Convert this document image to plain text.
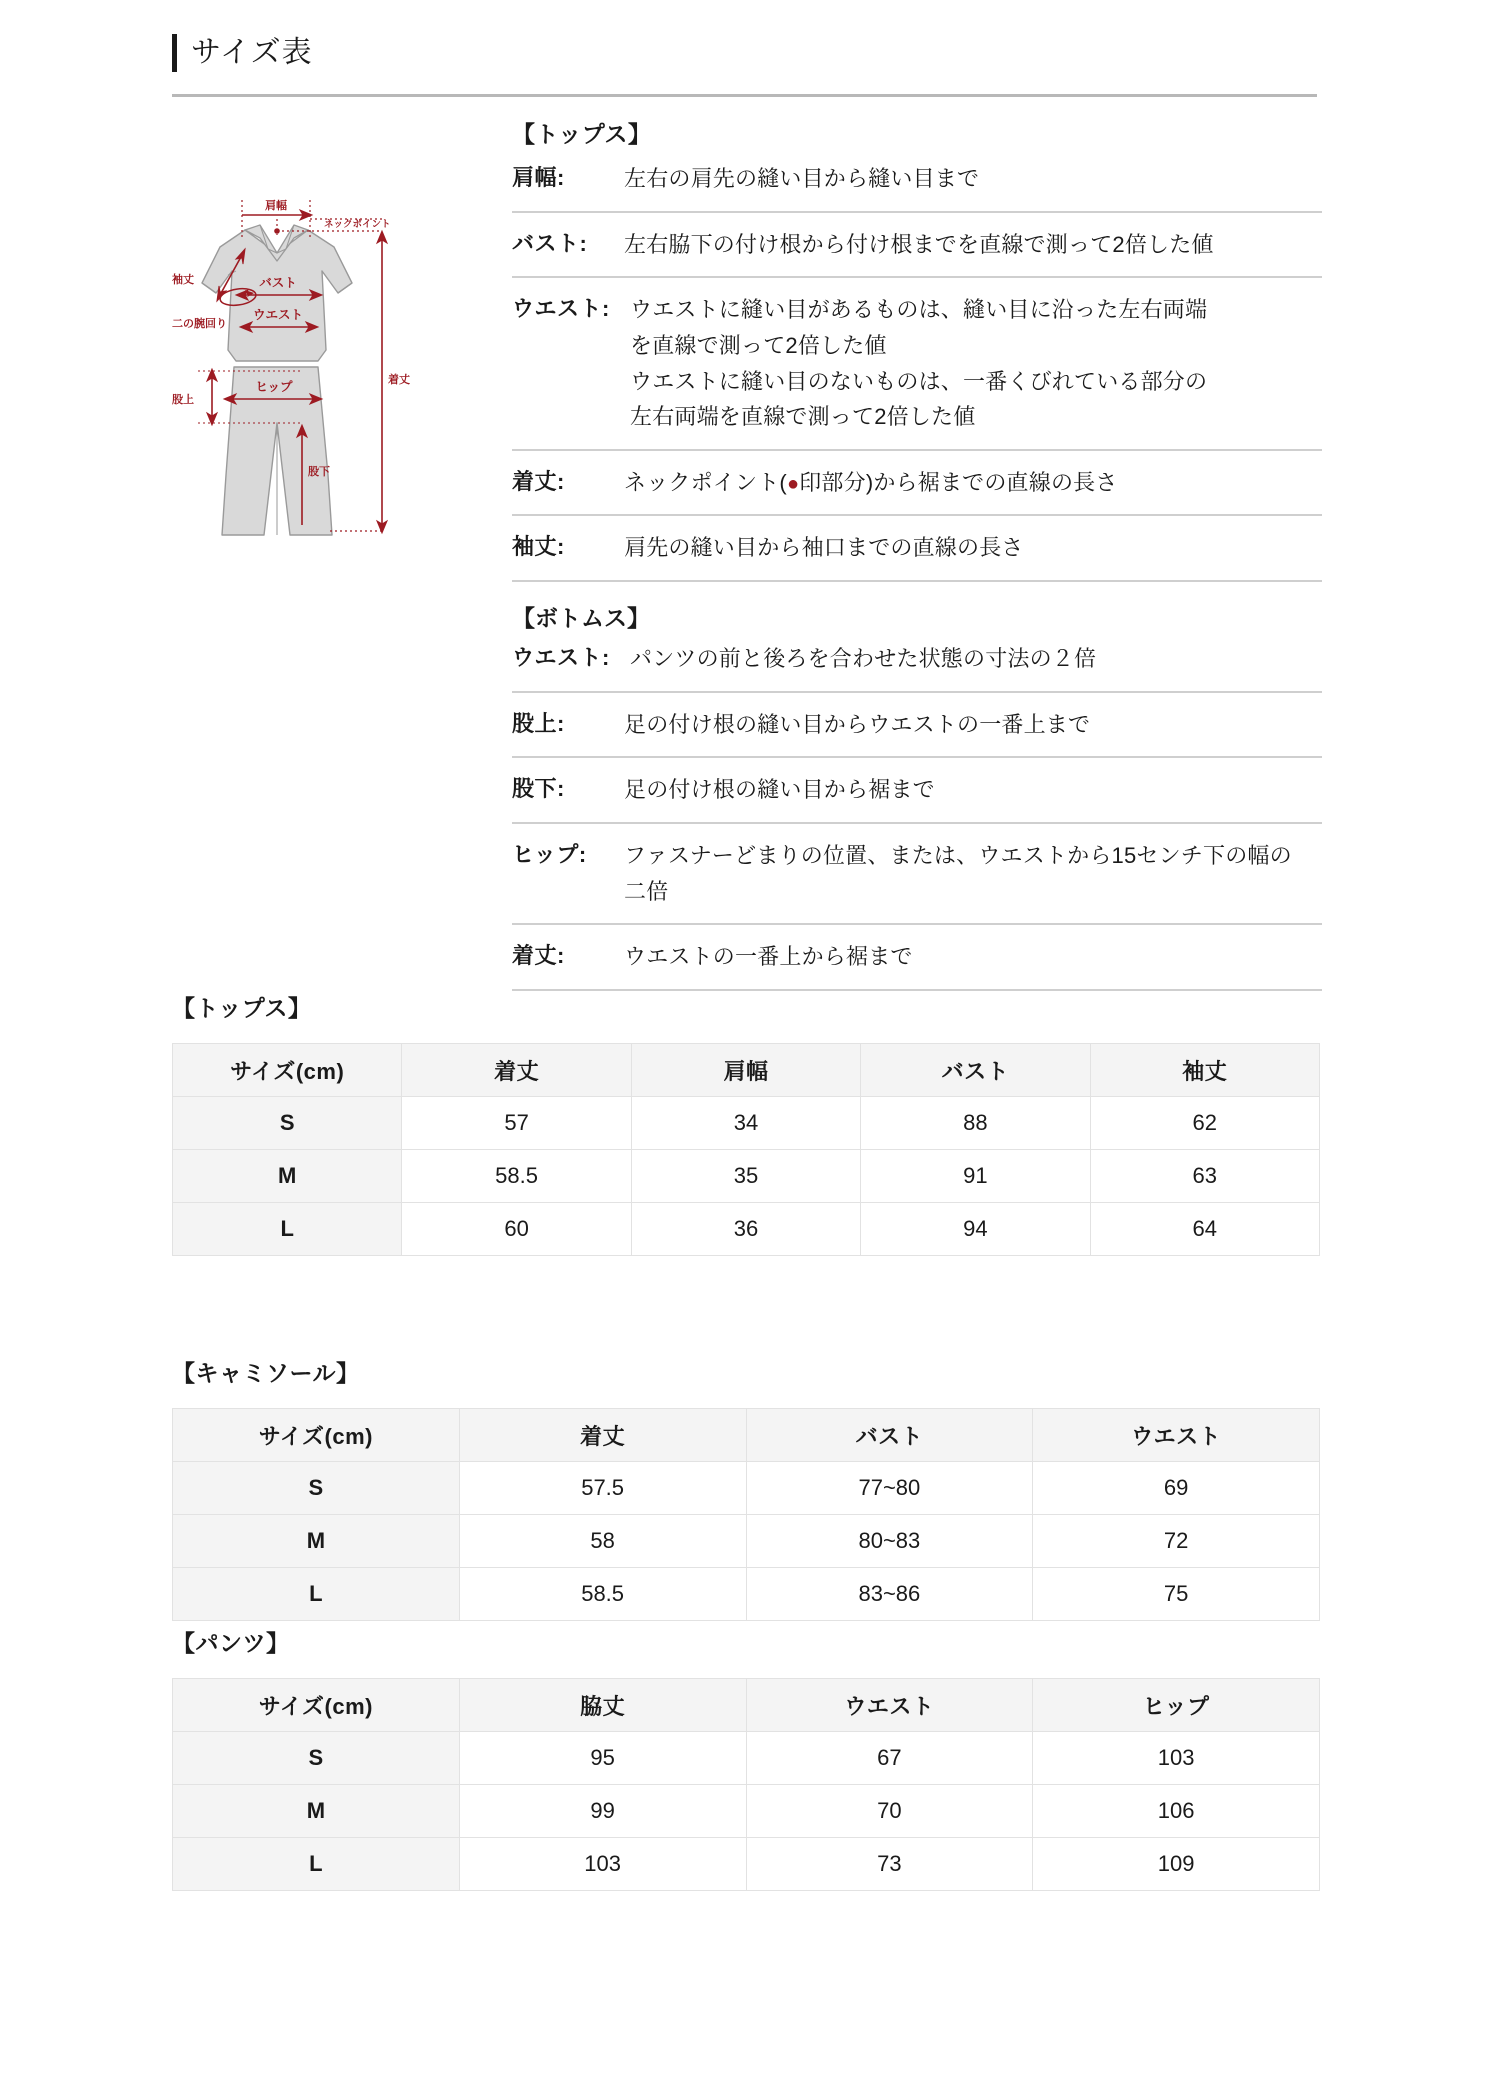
サイズ表
肩幅
ネックポイント
着丈
袖丈
二の腕回り
バスト
ウエスト
股上
ヒップ
股下
【トップス】
肩幅:	左右の肩先の縫い目から縫い目まで
バスト:	左右脇下の付け根から付け根までを直線で測って2倍した値
ウエスト: ウエストに縫い目があるものは、縫い目に沿った左右両端
を直線で測って2倍した値
ウエストに縫い目のないものは、一番くびれている部分の
左右両端を直線で測って2倍した値
着丈:	ネックポイント(●印部分)から裾までの直線の長さ
袖丈:	肩先の縫い目から袖口までの直線の長さ
【ボトムス】
ウエスト: パンツの前と後ろを合わせた状態の寸法の２倍
股上:	足の付け根の縫い目からウエストの一番上まで
股下:	足の付け根の縫い目から裾まで
ヒップ:	ファスナーどまりの位置、または、ウエストから15センチ下の幅の
二倍
着丈:	ウエストの一番上から裾まで
【トップス】
サイズ(cm)	着丈	肩幅	バスト	袖丈
S	57	34	88	62
M	58.5	35	91	63
L	60	36	94	64
【キャミソール】
サイズ(cm)	着丈	バスト	ウエスト
S	57.5	77~80	69
M	58	80~83	72
L	58.5	83~86	75
【パンツ】
サイズ(cm)	脇丈	ウエスト	ヒップ
S	95	67	103
M	99	70	106
L	103	73	109
